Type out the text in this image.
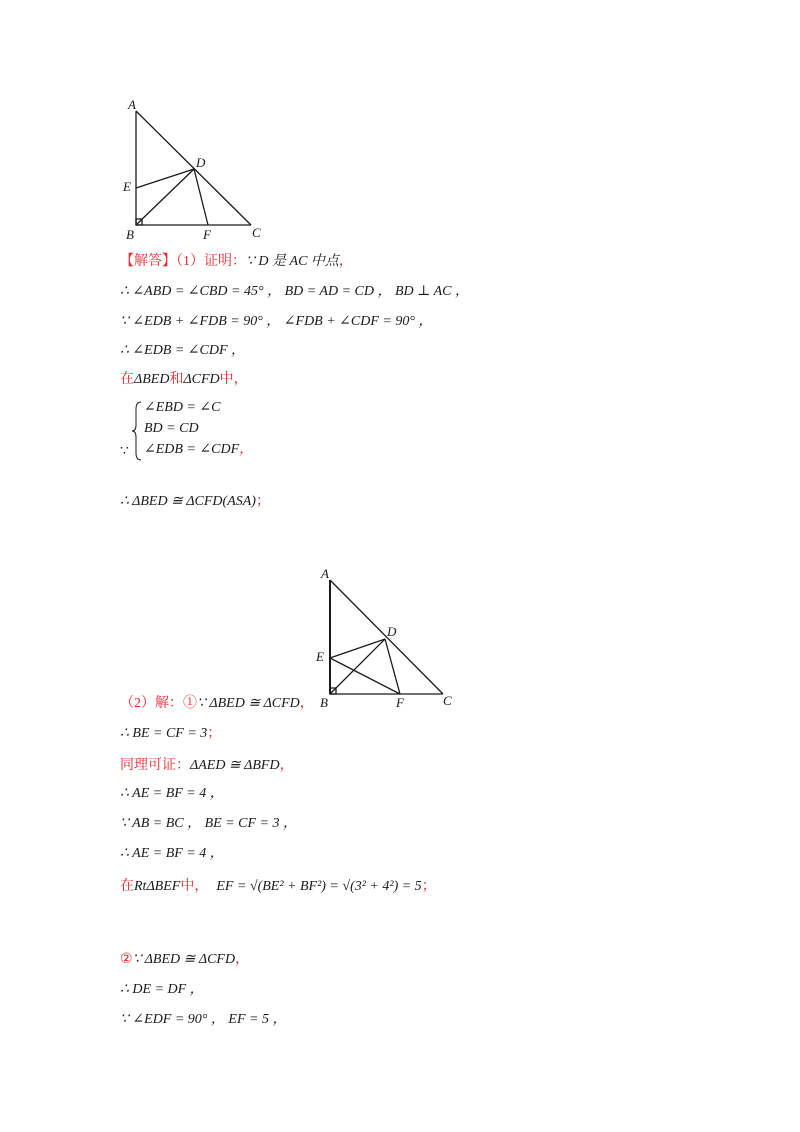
A
D
E
B	F	C
【解答】（1）证明：∵ D 是 AC 中点，
∴ ∠ABD = ∠CBD = 45° ， BD = AD = CD ， BD ⊥ AC ，
∵ ∠EDB + ∠FDB = 90° ， ∠FDB + ∠CDF = 90° ，
∴ ∠EDB = ∠CDF ，
在ΔBED和ΔCFD中，
∠EBD = ∠C
BD = CD
∠EDB = ∠CDF，
∵
∴ ΔBED ≅ ΔCFD(ASA)；
A
D
E
B	F	C
（2）解：①∵ ΔBED ≅ ΔCFD，
∴ BE = CF = 3；
同理可证：ΔAED ≅ ΔBFD，
∴ AE = BF = 4 ，
∵ AB = BC ， BE = CF = 3 ，
∴ AE = BF = 4 ，
在RtΔBEF中， EF = √(BE² + BF²) = √(3² + 4²) = 5；
②∵ ΔBED ≅ ΔCFD，
∴ DE = DF ，
∵ ∠EDF = 90° ， EF = 5 ，
